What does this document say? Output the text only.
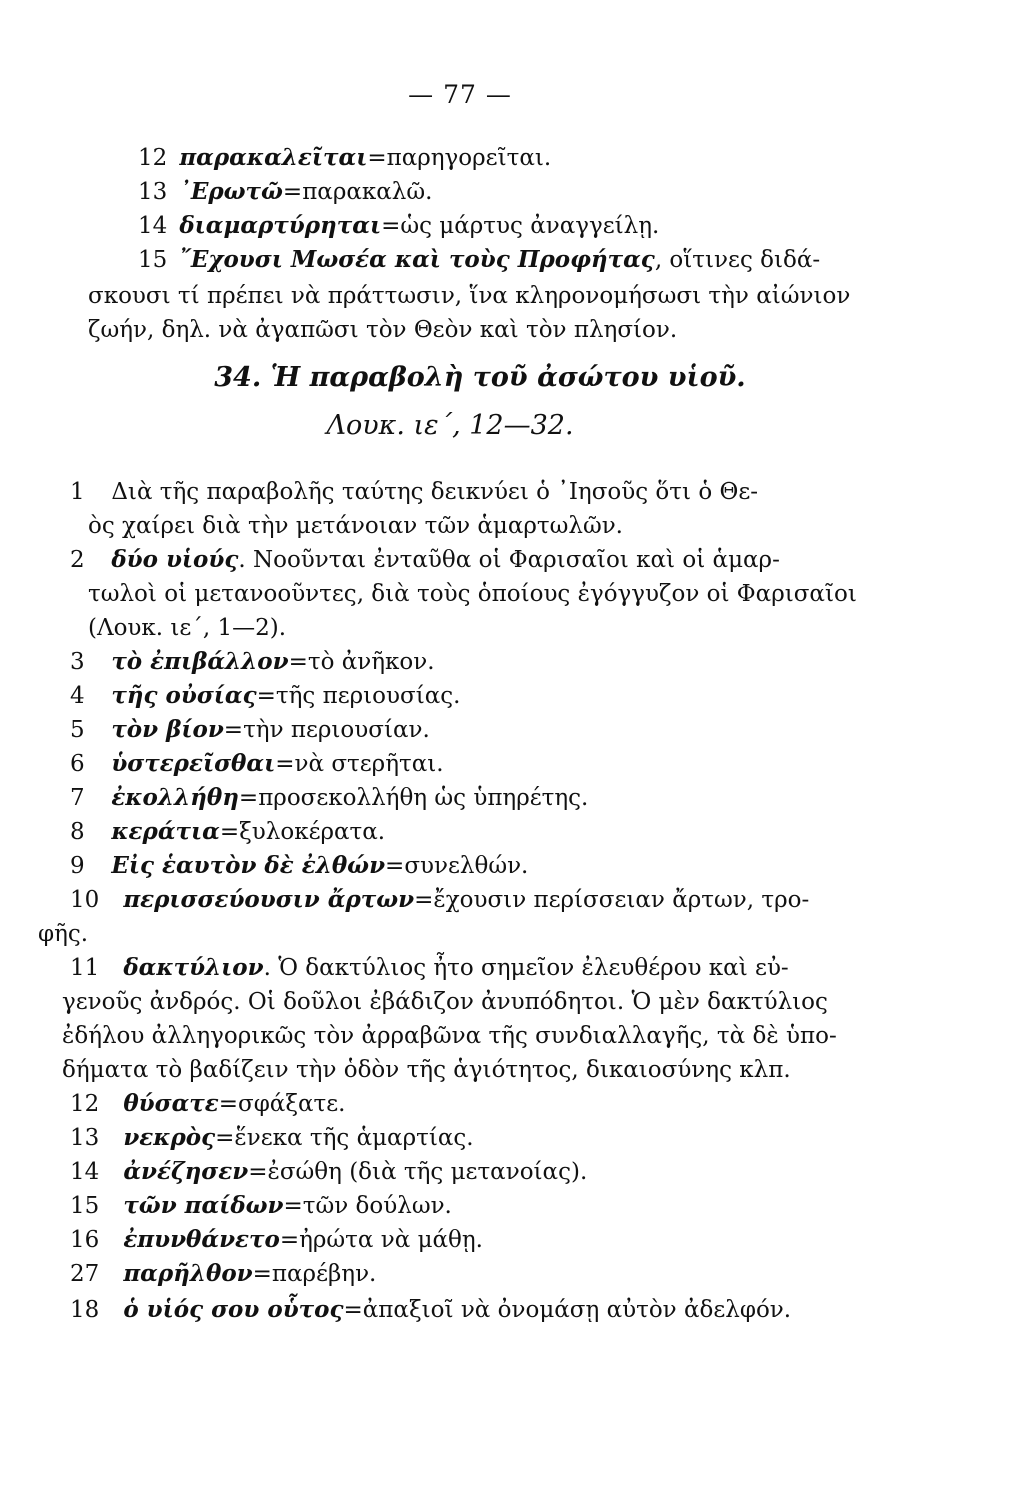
— 77 —
12 παρακαλεῖται=παρηγορεῖται.
13 ᾿Ερωτῶ=παρακαλῶ.
14 διαμαρτύρηται=ὡς μάρτυς ἀναγγείλῃ.
15 ῎Εχουσι Μωσέα καὶ τοὺς Προφήτας, οἵτινες διδά-
σκουσι τί πρέπει νὰ πράττωσιν, ἵνα κληρονομήσωσι τὴν αἰώνιον
ζωήν, δηλ. νὰ ἀγαπῶσι τὸν Θεὸν καὶ τὸν πλησίον.
34. Ἡ παραβολὴ τοῦ ἀσώτου υἱοῦ.
Λουκ. ιε΄, 12—32.
1 Διὰ τῆς παραβολῆς ταύτης δεικνύει ὁ ᾿Ιησοῦς ὅτι ὁ Θε-
ὸς χαίρει διὰ τὴν μετάνοιαν τῶν ἁμαρτωλῶν.
2 δύο υἱούς. Νοοῦνται ἐνταῦθα οἱ Φαρισαῖοι καὶ οἱ ἁμαρ-
τωλοὶ οἱ μετανοοῦντες, διὰ τοὺς ὁποίους ἐγόγγυζον οἱ Φαρισαῖοι
(Λουκ. ιε΄, 1—2).
3 τὸ ἐπιβάλλον=τὸ ἀνῆκον.
4 τῆς οὐσίας=τῆς περιουσίας.
5 τὸν βίον=τὴν περιουσίαν.
6 ὑστερεῖσθαι=νὰ στερῆται.
7 ἐκολλήθη=προσεκολλήθη ὡς ὑπηρέτης.
8 κεράτια=ξυλοκέρατα.
9 Εἰς ἑαυτὸν δὲ ἐλθών=συνελθών.
10 περισσεύουσιν ἄρτων=ἔχουσιν περίσσειαν ἄρτων, τρο-
φῆς.
11 δακτύλιον. Ὁ δακτύλιος ἦτο σημεῖον ἐλευθέρου καὶ εὐ-
γενοῦς ἀνδρός. Οἱ δοῦλοι ἐβάδιζον ἀνυπόδητοι. Ὁ μὲν δακτύλιος
ἐδήλου ἀλληγορικῶς τὸν ἀρραβῶνα τῆς συνδιαλλαγῆς, τὰ δὲ ὑπο-
δήματα τὸ βαδίζειν τὴν ὁδὸν τῆς ἁγιότητος, δικαιοσύνης κλπ.
12 θύσατε=σφάξατε.
13 νεκρὸς=ἕνεκα τῆς ἁμαρτίας.
14 ἀνέζησεν=ἐσώθη (διὰ τῆς μετανοίας).
15 τῶν παίδων=τῶν δούλων.
16 ἐπυνθάνετο=ἠρώτα νὰ μάθῃ.
27 παρῆλθον=παρέβην.
18 ὁ υἱός σου οὗτος=ἀπαξιοῖ νὰ ὀνομάσῃ αὐτὸν ἀδελφόν.
